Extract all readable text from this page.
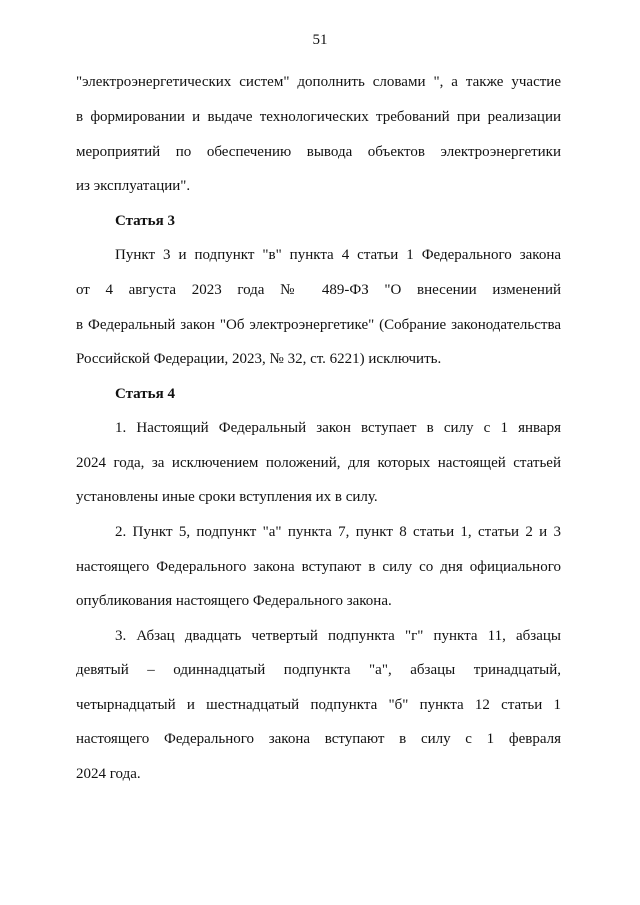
51
"электроэнергетических систем" дополнить словами ", а также участие
в формировании и выдаче технологических требований при реализации
мероприятий по обеспечению вывода объектов электроэнергетики
из эксплуатации".
Статья 3
Пункт 3 и подпункт "в" пункта 4 статьи 1 Федерального закона
от 4 августа 2023 года № 489-ФЗ "О внесении изменений
в Федеральный закон "Об электроэнергетике" (Собрание законодательства
Российской Федерации, 2023, № 32, ст. 6221) исключить.
Статья 4
1. Настоящий Федеральный закон вступает в силу с 1 января
2024 года, за исключением положений, для которых настоящей статьей
установлены иные сроки вступления их в силу.
2. Пункт 5, подпункт "а" пункта 7, пункт 8 статьи 1, статьи 2 и 3
настоящего Федерального закона вступают в силу со дня официального
опубликования настоящего Федерального закона.
3. Абзац двадцать четвертый подпункта "г" пункта 11, абзацы
девятый – одиннадцатый подпункта "а", абзацы тринадцатый,
четырнадцатый и шестнадцатый подпункта "б" пункта 12 статьи 1
настоящего Федерального закона вступают в силу с 1 февраля
2024 года.
